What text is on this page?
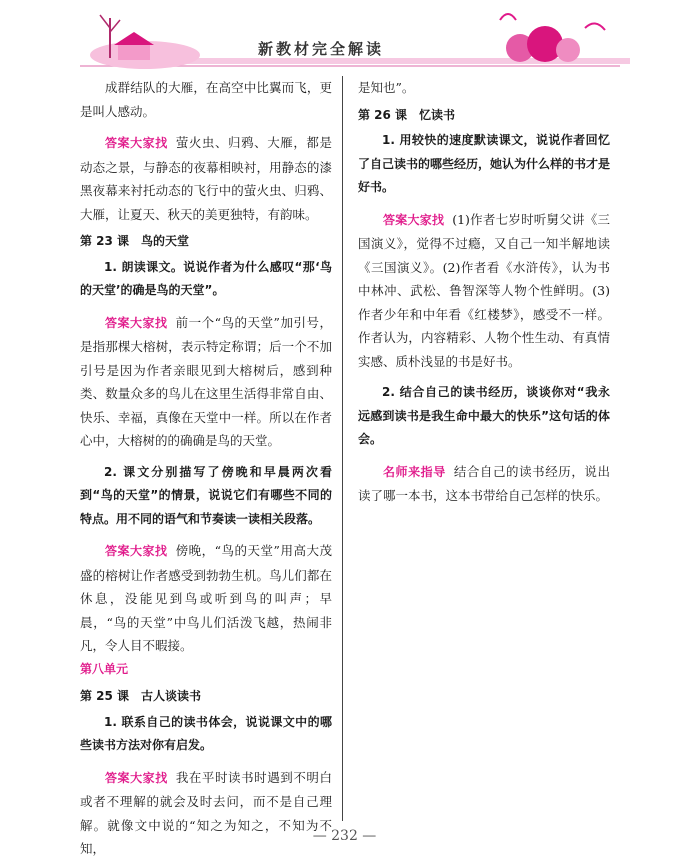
新教材完全解读

成群结队的大雁，在高空中比翼而飞，更是叫人感动。

答案大家找 萤火虫、归鸦、大雁，都是动态之景，与静态的夜幕相映衬，用静态的漆黑夜幕来衬托动态的飞行中的萤火虫、归鸦、大雁，让夏天、秋天的美更独特，有韵味。

第 23 课　鸟的天堂

1. 朗读课文。说说作者为什么感叹“那‘鸟的天堂’的确是鸟的天堂”。

答案大家找 前一个“鸟的天堂”加引号，是指那棵大榕树，表示特定称谓；后一个不加引号是因为作者亲眼见到大榕树后，感到种类、数量众多的鸟儿在这里生活得非常自由、快乐、幸福，真像在天堂中一样。所以在作者心中，大榕树的的确确是鸟的天堂。

2. 课文分别描写了傍晚和早晨两次看到“鸟的天堂”的情景，说说它们有哪些不同的特点。用不同的语气和节奏读一读相关段落。

答案大家找 傍晚，“鸟的天堂”用高大茂盛的榕树让作者感受到勃勃生机。鸟儿们都在休息，没能见到鸟或听到鸟的叫声；早晨，“鸟的天堂”中鸟儿们活泼飞越，热闹非凡，令人目不暇接。

第八单元
第 25 课　古人谈读书

1. 联系自己的读书体会，说说课文中的哪些读书方法对你有启发。

答案大家找 我在平时读书时遇到不明白或者不理解的就会及时去问，而不是自己理解。就像文中说的“知之为知之，不知为不知，

是知也”。

第 26 课　忆读书

1. 用较快的速度默读课文，说说作者回忆了自己读书的哪些经历，她认为什么样的书才是好书。

答案大家找 (1)作者七岁时听舅父讲《三国演义》，觉得不过瘾，又自己一知半解地读《三国演义》。(2)作者看《水浒传》，认为书中林冲、武松、鲁智深等人物个性鲜明。(3)作者少年和中年看《红楼梦》，感受不一样。作者认为，内容精彩、人物个性生动、有真情实感、质朴浅显的书是好书。

2. 结合自己的读书经历，谈谈你对“我永远感到读书是我生命中最大的快乐”这句话的体会。

名师来指导 结合自己的读书经历，说出读了哪一本书，这本书带给自己怎样的快乐。

— 232 —
